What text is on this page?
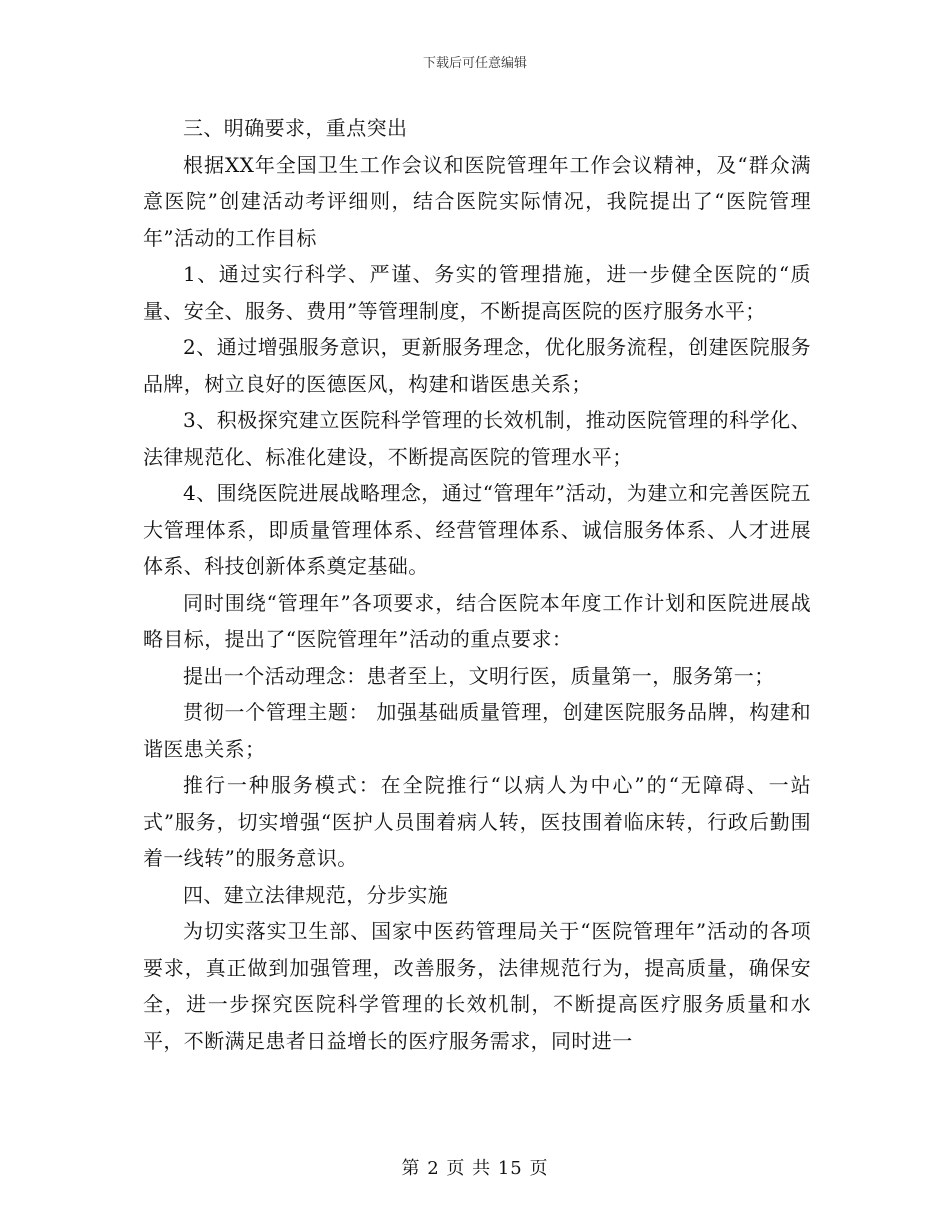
下载后可任意编辑

三、明确要求，重点突出

根据XX年全国卫生工作会议和医院管理年工作会议精神，及“群众满意医院”创建活动考评细则，结合医院实际情况，我院提出了“医院管理年”活动的工作目标

1、通过实行科学、严谨、务实的管理措施，进一步健全医院的“质量、安全、服务、费用”等管理制度，不断提高医院的医疗服务水平；

2、通过增强服务意识，更新服务理念，优化服务流程，创建医院服务品牌，树立良好的医德医风，构建和谐医患关系；

3、积极探究建立医院科学管理的长效机制，推动医院管理的科学化、法律规范化、标准化建设，不断提高医院的管理水平；

4、围绕医院进展战略理念，通过“管理年”活动，为建立和完善医院五大管理体系，即质量管理体系、经营管理体系、诚信服务体系、人才进展体系、科技创新体系奠定基础。

同时围绕“管理年”各项要求，结合医院本年度工作计划和医院进展战略目标，提出了“医院管理年”活动的重点要求：

提出一个活动理念：患者至上，文明行医，质量第一，服务第一；

贯彻一个管理主题： 加强基础质量管理，创建医院服务品牌，构建和谐医患关系；

推行一种服务模式：在全院推行“以病人为中心”的“无障碍、一站式”服务，切实增强“医护人员围着病人转，医技围着临床转，行政后勤围着一线转”的服务意识。

四、建立法律规范，分步实施

为切实落实卫生部、国家中医药管理局关于“医院管理年”活动的各项要求，真正做到加强管理，改善服务，法律规范行为，提高质量，确保安全，进一步探究医院科学管理的长效机制，不断提高医疗服务质量和水平，不断满足患者日益增长的医疗服务需求，同时进一

第 2 页 共 15 页
